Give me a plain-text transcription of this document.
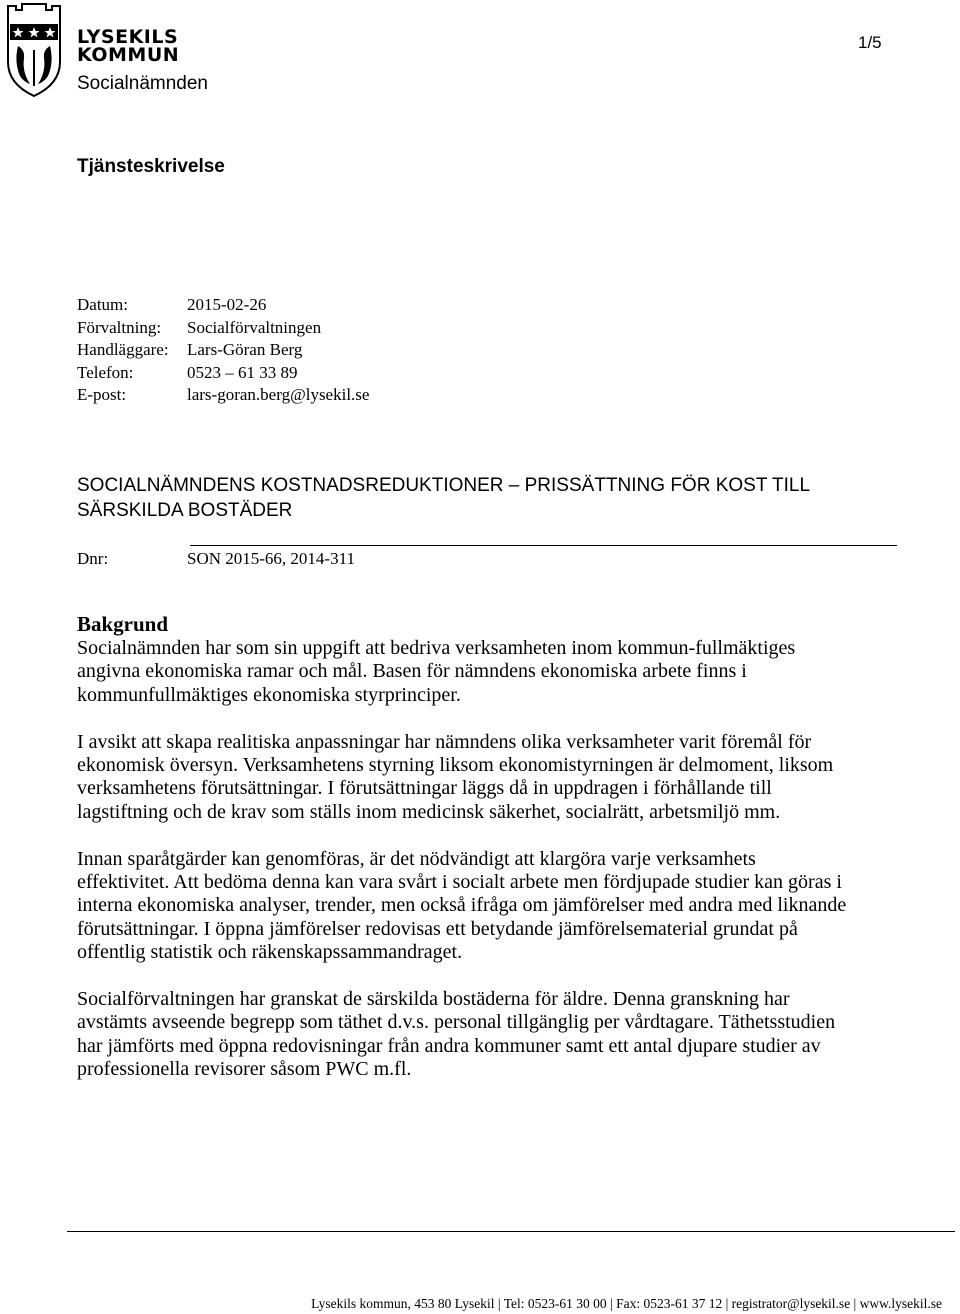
LYSEKILS
KOMMUN
Socialnämnden
1/5
Tjänsteskrivelse
Datum:	2015-02-26
Förvaltning: Socialförvaltningen
Handläggare: Lars-Göran Berg
Telefon:	0523 – 61 33 89
E-post:	lars-goran.berg@lysekil.se
SOCIALNÄMNDENS KOSTNADSREDUKTIONER – PRISSÄTTNING FÖR KOST TILL SÄRSKILDA BOSTÄDER
Dnr:	SON 2015-66, 2014-311
Bakgrund

Socialnämnden har som sin uppgift att bedriva verksamheten inom kommun-fullmäktiges angivna ekonomiska ramar och mål. Basen för nämndens ekonomiska arbete finns i kommunfullmäktiges ekonomiska styrprinciper.

I avsikt att skapa realitiska anpassningar har nämndens olika verksamheter varit föremål för ekonomisk översyn. Verksamhetens styrning liksom ekonomistyrningen är delmoment, liksom verksamhetens förutsättningar. I förutsättningar läggs då in uppdragen i förhållande till lagstiftning och de krav som ställs inom medicinsk säkerhet, socialrätt, arbetsmiljö mm.

Innan sparåtgärder kan genomföras, är det nödvändigt att klargöra varje verksamhets effektivitet. Att bedöma denna kan vara svårt i socialt arbete men fördjupade studier kan göras i interna ekonomiska analyser, trender, men också ifråga om jämförelser med andra med liknande förutsättningar. I öppna jämförelser redovisas ett betydande jämförelsematerial grundat på offentlig statistik och räkenskapssammandraget.

Socialförvaltningen har granskat de särskilda bostäderna för äldre. Denna granskning har avstämts avseende begrepp som täthet d.v.s. personal tillgänglig per vårdtagare. Täthetsstudien har jämförts med öppna redovisningar från andra kommuner samt ett antal djupare studier av professionella revisorer såsom PWC m.fl.

Lysekils kommun, 453 80 Lysekil | Tel: 0523-61 30 00 | Fax: 0523-61 37 12 | registrator@lysekil.se | www.lysekil.se
